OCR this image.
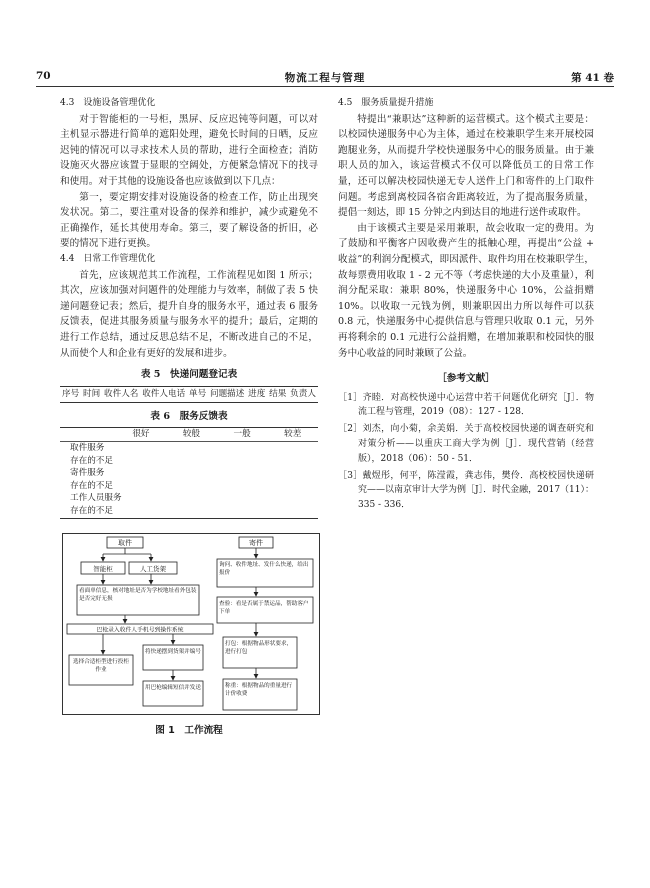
70	物流工程与管理	第 41 卷

4.3　设施设备管理优化

对于智能柜的一号柜，黑屏、反应迟钝等问题，可以对主机显示器进行简单的遮阳处理，避免长时间的日晒，反应迟钝的情况可以寻求技术人员的帮助，进行全面检查；消防设施灭火器应该置于显眼的空阔处，方便紧急情况下的找寻和使用。对于其他的设施设备也应该做到以下几点：

第一，要定期安排对设施设备的检查工作，防止出现突发状况。第二，要注重对设备的保养和维护，减少或避免不正确操作，延长其使用寿命。第三，要了解设备的折旧，必要的情况下进行更换。

4.4　日常工作管理优化

首先，应该规范其工作流程，工作流程见如图 1 所示；其次，应该加强对问题件的处理能力与效率，制做了表 5 快递问题登记表；然后，提升自身的服务水平，通过表 6 服务反馈表，促进其服务质量与服务水平的提升；最后，定期的进行工作总结，通过反思总结不足，不断改进自己的不足，从而使个人和企业有更好的发展和进步。

表 5　快递问题登记表
序号 时间 收件人名 收件人电话 单号 问题描述 进度 结果 负责人
表 6　服务反馈表
很好	较般	一般	较差
取件服务
存在的不足
寄件服务
存在的不足
工作人员服务
存在的不足
取件
智能柜	人工货架
看面单信息，核对地址是否为学校地址看外包装是否完好无损
巴枪录入收件人手机号到操作系统
选择合适柜型进行投柜作业
将快递摆到货架并编号
用巴枪编辑短信并发送
寄件
询问、收件地址、发什么快递，给出报价
查验：看是否属于禁运品，帮助客户下单
打包：根据物品形状要求，进行打包
称重：根据物品的重量进行计价收费
图 1　工作流程

4.5　服务质量提升措施

特提出“兼职达”这种新的运营模式。这个模式主要是：以校园快递服务中心为主体，通过在校兼职学生来开展校园跑腿业务，从而提升学校快递服务中心的服务质量。由于兼职人员的加入，该运营模式不仅可以降低员工的日常工作量，还可以解决校园快递无专人送件上门和寄件的上门取件问题。考虑到离校园各宿舍距离较近，为了提高服务质量，提倡一刻达，即 15 分钟之内到达目的地进行送件或取件。

由于该模式主要是采用兼职，故会收取一定的费用。为了鼓励和平衡客户因收费产生的抵触心理，再提出“公益 + 收益”的利润分配模式，即因派件、取件均用在校兼职学生，故每票费用收取 1 - 2 元不等（考虑快递的大小及重量），利润分配采取：兼职 80%，快递服务中心 10%，公益捐赠 10%。以收取一元钱为例，则兼职因出力所以每件可以获 0.8 元，快递服务中心提供信息与管理只收取 0.1 元，另外再将剩余的 0.1 元进行公益捐赠，在增加兼职和校园快的服务中心收益的同时兼顾了公益。

［参考文献］

［1］齐睦．对高校快递中心运营中若干问题优化研究［J］．物流工程与管理，2019（08）：127 - 128．

［2］刘杰，向小菊，余美娟．关于高校校园快递的调查研究和对策分析——以重庆工商大学为例［J］．现代营销（经营版），2018（06）：50 - 51．

［3］戴煜彤，何平，陈滢霞，龚志伟，樊伶．高校校园快递研究——以南京审计大学为例［J］．时代金融，2017（11）：335 - 336．
